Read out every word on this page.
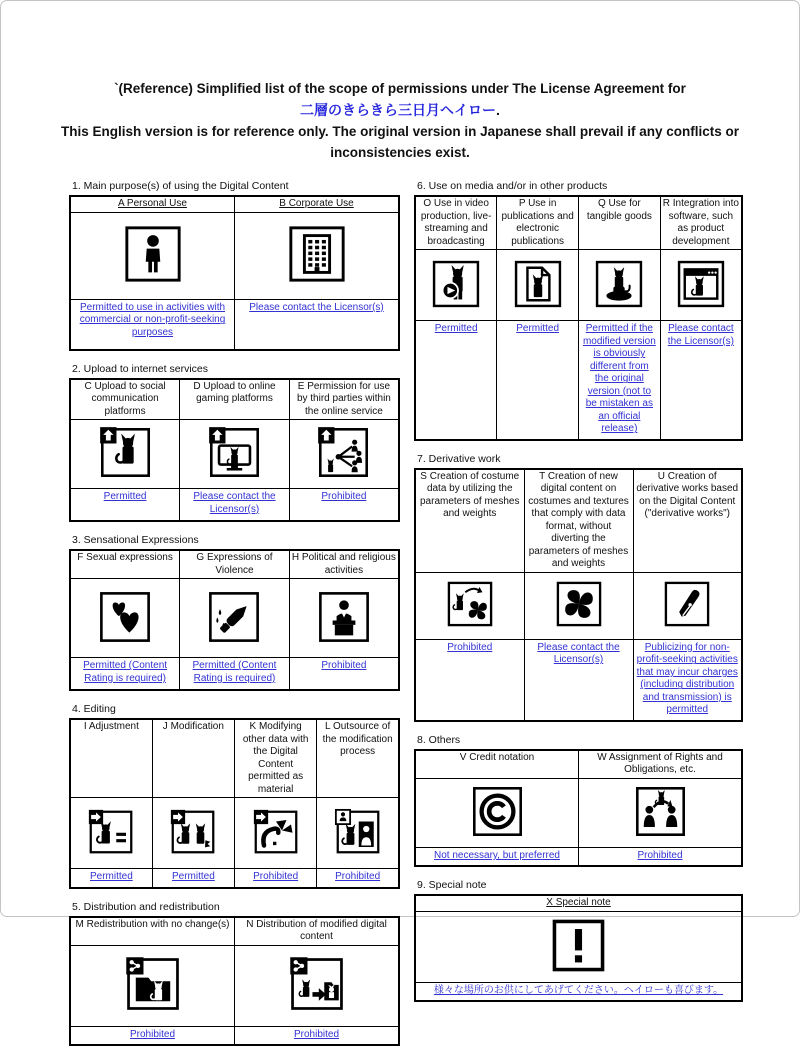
`(Reference) Simplified list of the scope of permissions under The License Agreement for
二層のきらきら三日月ヘイロー.
This English version is for reference only. The original version in Japanese shall prevail if any conflicts or inconsistencies exist.
1. Main purpose(s) of using the Digital Content
A Personal Use	B Corporate Use

Permitted to use in activities with commercial or non-profit-seeking purposes	Please contact the Licensor(s)
2. Upload to internet services
C Upload to social communication platforms	D Upload to online gaming platforms	E Permission for use by third parties within the online service

Permitted	Please contact the Licensor(s)	Prohibited
3. Sensational Expressions
F Sexual expressions	G Expressions of Violence	H Political and religious activities

Permitted (Content Rating is required)	Permitted (Content Rating is required)	Prohibited
4. Editing
I Adjustment	J Modification	K Modifying other data with the Digital Content permitted as material	L Outsource of the modification process

Permitted	Permitted	Prohibited	Prohibited
5. Distribution and redistribution
M Redistribution with no change(s)	N Distribution of modified digital content

Prohibited	Prohibited
6. Use on media and/or in other products
O Use in video production, live-streaming and broadcasting	P Use in publications and electronic publications	Q Use for tangible goods	R Integration into software, such as product development

Permitted	Permitted	Permitted if the modified version is obviously different from the original version (not to be mistaken as an official release)	Please contact the Licensor(s)
7. Derivative work
S Creation of costume data by utilizing the parameters of meshes and weights	T Creation of new digital content on costumes and textures that comply with data format, without diverting the parameters of meshes and weights	U Creation of derivative works based on the Digital Content ("derivative works")

Prohibited	Please contact the Licensor(s)	Publicizing for non-profit-seeking activities that may incur charges (including distribution and transmission) is permitted
8. Others
V Credit notation	W Assignment of Rights and Obligations, etc.

Not necessary, but preferred	Prohibited
9. Special note
X Special note

様々な場所のお供にしてあげてください。ヘイローも喜びます。
